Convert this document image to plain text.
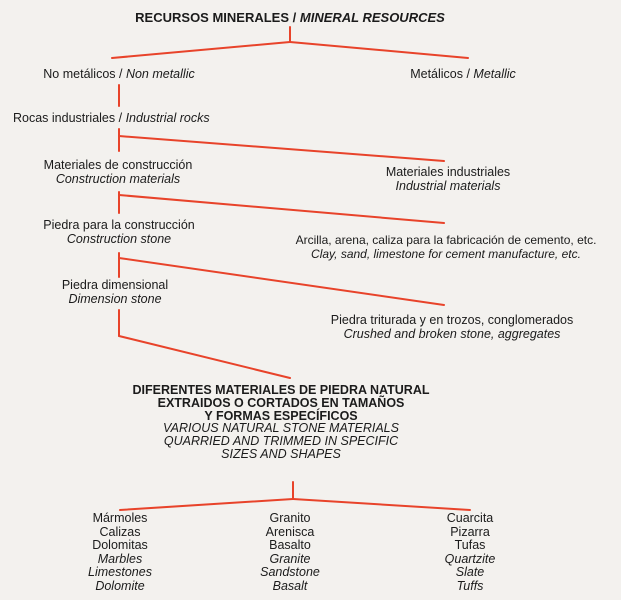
RECURSOS MINERALES / MINERAL RESOURCES
No metálicos / Non metallic	Metálicos / Metallic
Rocas industriales / Industrial rocks
Materiales de construcción
Construction materials	Materiales industriales
Industrial materials
Piedra para la construcción
Construction stone	Arcilla, arena, caliza para la fabricación de cemento, etc.
Clay, sand, limestone for cement manufacture, etc.
Piedra dimensional
Dimension stone
Piedra triturada y en trozos, conglomerados
Crushed and broken stone, aggregates
DIFERENTES MATERIALES DE PIEDRA NATURAL
EXTRAIDOS O CORTADOS EN TAMAÑOS
Y FORMAS ESPECÍFICOS
VARIOUS NATURAL STONE MATERIALS
QUARRIED AND TRIMMED IN SPECIFIC
SIZES AND SHAPES
Mármoles
Calizas
Dolomitas
Marbles
Limestones
Dolomite
Granito
Arenisca
Basalto
Granite
Sandstone
Basalt
Cuarcita
Pizarra
Tufas
Quartzite
Slate
Tuffs
